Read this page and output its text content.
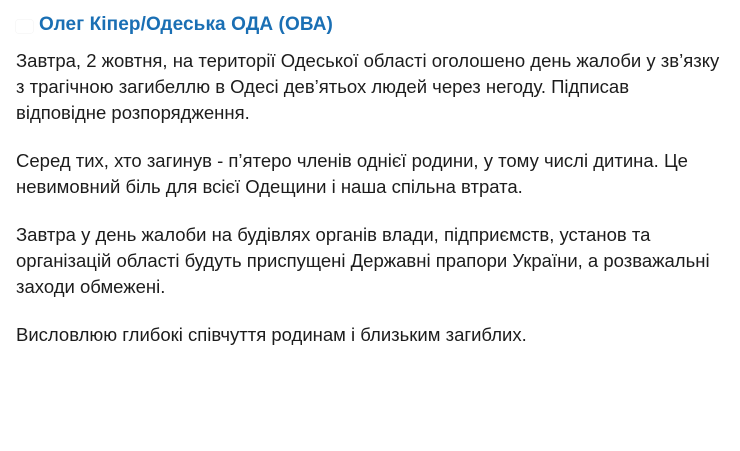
Олег Кіпер/Одеська ОДА (ОВА)

Завтра, 2 жовтня, на території Одеської області оголошено день жалоби у зв’язку з трагічною загибеллю в Одесі дев’ятьох людей через негоду. Підписав відповідне розпорядження.

Серед тих, хто загинув - п’ятеро членів однієї родини, у тому числі дитина. Це невимовний біль для всієї Одещини і наша спільна втрата.

Завтра у день жалоби на будівлях органів влади, підприємств, установ та організацій області будуть приспущені Державні прапори України, а розважальні заходи обмежені.

Висловлюю глибокі співчуття родинам і близьким загиблих.
